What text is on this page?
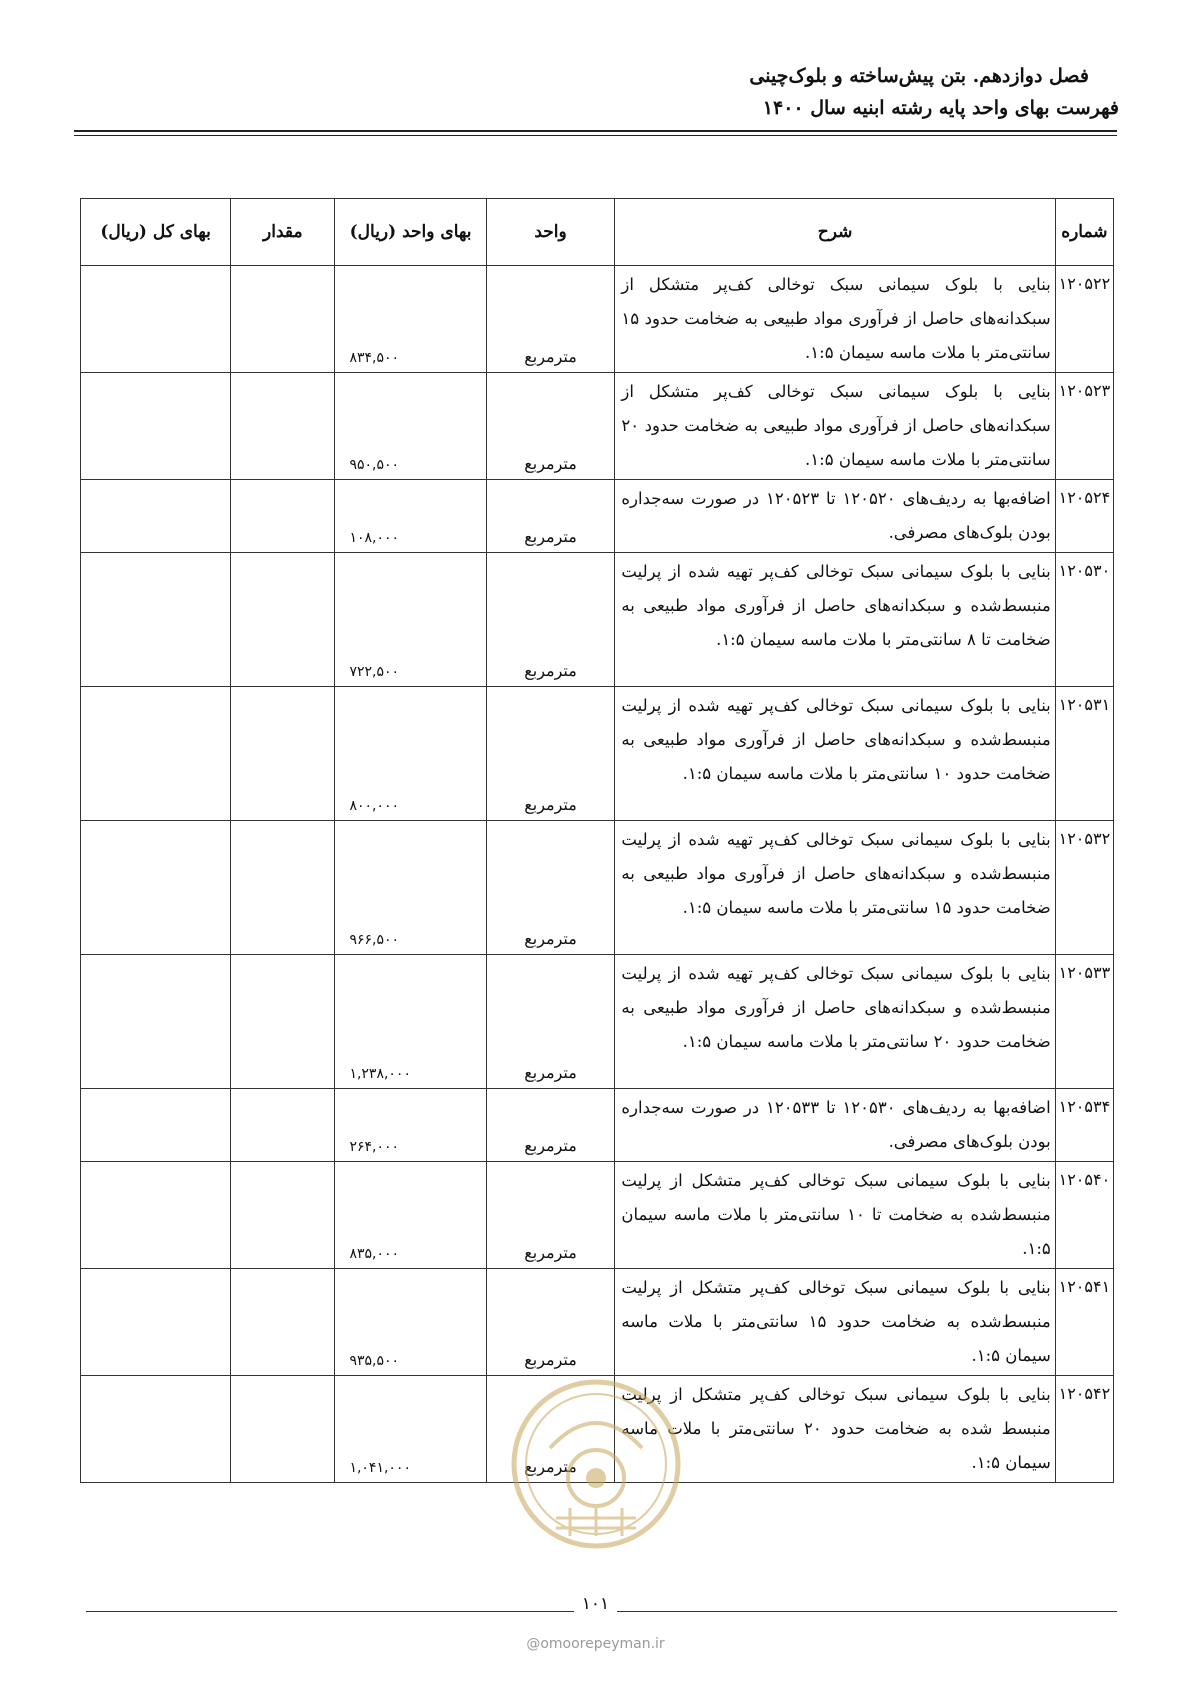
فصل دوازدهم. بتن پیش‌ساخته و بلوک‌چینی
فهرست بهای واحد پایه رشته ابنیه سال ۱۴۰۰
شماره	شرح	واحد	بهای واحد (ریال)	مقدار	بهای کل (ریال)
۱۲۰۵۲۲	بنایی با بلوک سیمانی سبک توخالی کف‌پر متشکل از سبکدانه‌های حاصل از فرآوری مواد طبیعی به ضخامت حدود ۱۵ سانتی‌متر با ملات ماسه سیمان ۱:۵.	مترمربع	۸۳۴,۵۰۰		
۱۲۰۵۲۳	بنایی با بلوک سیمانی سبک توخالی کف‌پر متشکل از سبکدانه‌های حاصل از فرآوری مواد طبیعی به ضخامت حدود ۲۰ سانتی‌متر با ملات ماسه سیمان ۱:۵.	مترمربع	۹۵۰,۵۰۰		
۱۲۰۵۲۴	اضافه‌بها به ردیف‌های ۱۲۰۵۲۰ تا ۱۲۰۵۲۳ در صورت سه‌جداره بودن بلوک‌های مصرفی.	مترمربع	۱۰۸,۰۰۰		
۱۲۰۵۳۰	بنایی با بلوک سیمانی سبک توخالی کف‌پر تهیه شده از پرلیت منبسط‌شده و سبکدانه‌های حاصل از فرآوری مواد طبیعی به ضخامت تا ۸ سانتی‌متر با ملات ماسه سیمان ۱:۵.	مترمربع	۷۲۲,۵۰۰		
۱۲۰۵۳۱	بنایی با بلوک سیمانی سبک توخالی کف‌پر تهیه شده از پرلیت منبسط‌شده و سبکدانه‌های حاصل از فرآوری مواد طبیعی به ضخامت حدود ۱۰ سانتی‌متر با ملات ماسه سیمان ۱:۵.	مترمربع	۸۰۰,۰۰۰		
۱۲۰۵۳۲	بنایی با بلوک سیمانی سبک توخالی کف‌پر تهیه شده از پرلیت منبسط‌شده و سبکدانه‌های حاصل از فرآوری مواد طبیعی به ضخامت حدود ۱۵ سانتی‌متر با ملات ماسه سیمان ۱:۵.	مترمربع	۹۶۶,۵۰۰		
۱۲۰۵۳۳	بنایی با بلوک سیمانی سبک توخالی کف‌پر تهیه شده از پرلیت منبسط‌شده و سبکدانه‌های حاصل از فرآوری مواد طبیعی به ضخامت حدود ۲۰ سانتی‌متر با ملات ماسه سیمان ۱:۵.	مترمربع	۱,۲۳۸,۰۰۰		
۱۲۰۵۳۴	اضافه‌بها به ردیف‌های ۱۲۰۵۳۰ تا ۱۲۰۵۳۳ در صورت سه‌جداره بودن بلوک‌های مصرفی.	مترمربع	۲۶۴,۰۰۰		
۱۲۰۵۴۰	بنایی با بلوک سیمانی سبک توخالی کف‌پر متشکل از پرلیت منبسط‌شده به ضخامت تا ۱۰ سانتی‌متر با ملات ماسه سیمان ۱:۵.	مترمربع	۸۳۵,۰۰۰		
۱۲۰۵۴۱	بنایی با بلوک سیمانی سبک توخالی کف‌پر متشکل از پرلیت منبسط‌شده به ضخامت حدود ۱۵ سانتی‌متر با ملات ماسه سیمان ۱:۵.	مترمربع	۹۳۵,۵۰۰		
۱۲۰۵۴۲	بنایی با بلوک سیمانی سبک توخالی کف‌پر متشکل از پرلیت منبسط شده به ضخامت حدود ۲۰ سانتی‌متر با ملات ماسه سیمان ۱:۵.	مترمربع	۱,۰۴۱,۰۰۰		
۱۰۱
@omoorepeyman.ir
